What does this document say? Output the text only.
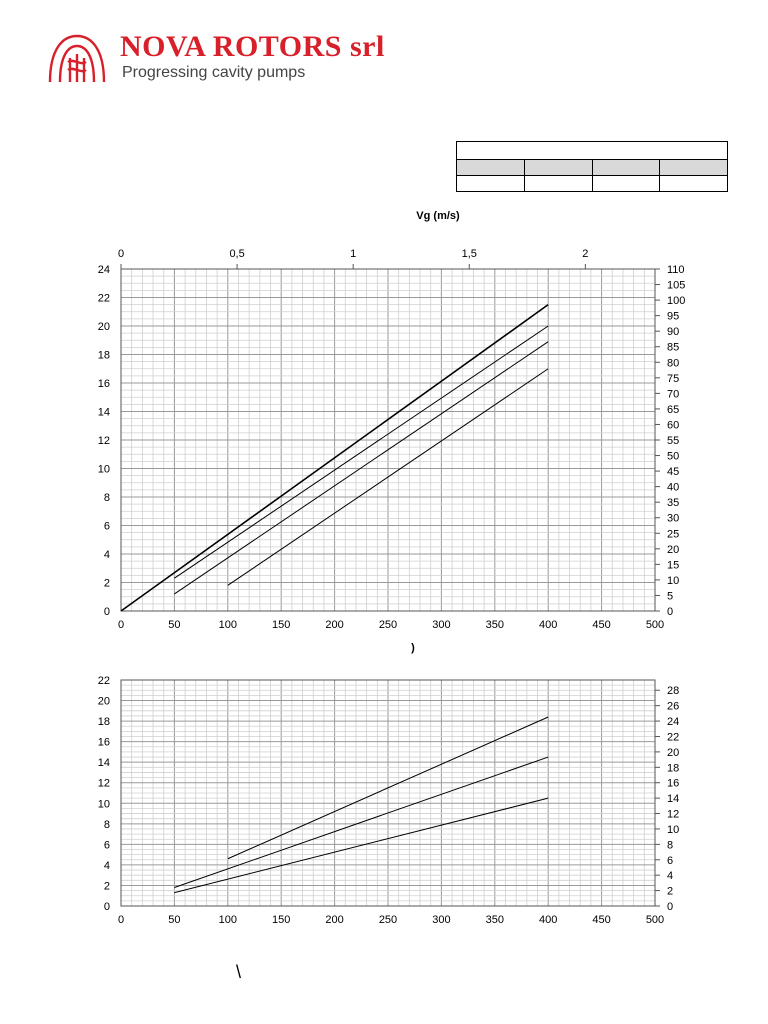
NOVA ROTORS srl
Progressing cavity pumps

0	50	100	150	200	250	300	350	400	450	500
0
2
4
6
8
10
12
14
16
18
20
22
24
0
5
10
15
20
25
30
35
40
45
50
55
60
65
70
75
80
85
90
95
100
105
110
0	0,5	1	1,5	2
Vg (m/s)
)
0	50	100	150	200	250	300	350	400	450	500
0
2
4
6
8
10
12
14
16
18
20
22
0
2
4
6
8
10
12
14
16
18
20
22
24
26
28
\
